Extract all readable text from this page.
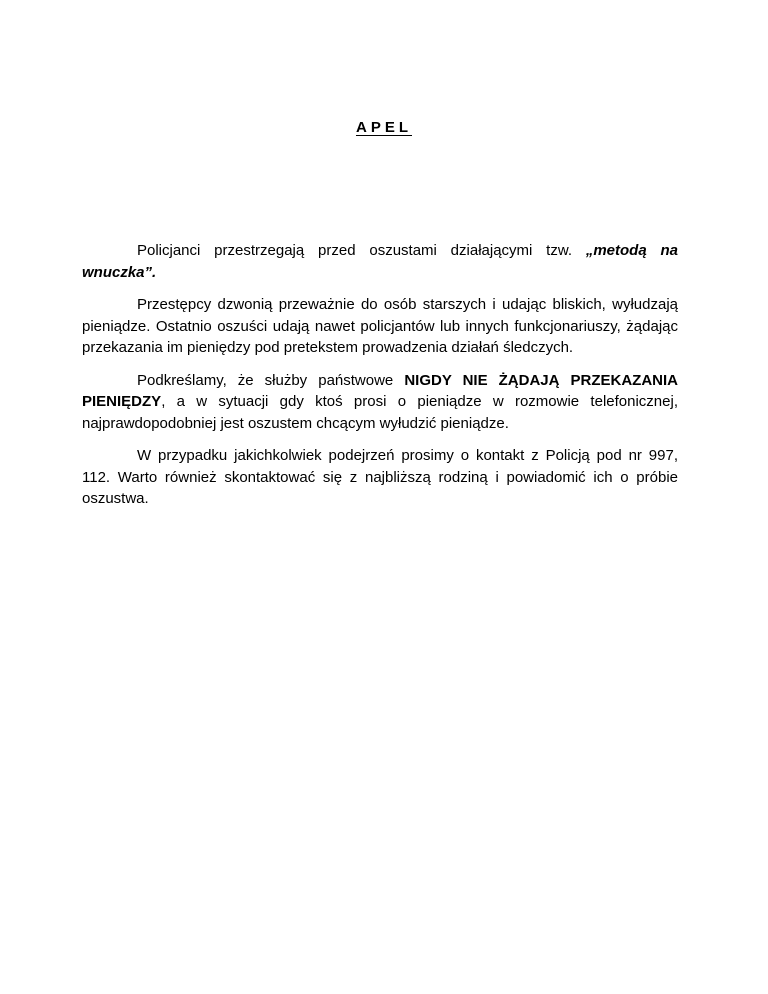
APEL

Policjanci przestrzegają przed oszustami działającymi tzw. „metodą na wnuczka”.

Przestępcy dzwonią przeważnie do osób starszych i udając bliskich, wyłudzają pieniądze. Ostatnio oszuści udają nawet policjantów lub innych funkcjonariuszy, żądając przekazania im pieniędzy pod pretekstem prowadzenia działań śledczych.

Podkreślamy, że służby państwowe NIGDY NIE ŻĄDAJĄ PRZEKAZANIA PIENIĘDZY, a w sytuacji gdy ktoś prosi o pieniądze w rozmowie telefonicznej, najprawdopodobniej jest oszustem chcącym wyłudzić pieniądze.

W przypadku jakichkolwiek podejrzeń prosimy o kontakt z Policją pod nr 997, 112. Warto również skontaktować się z najbliższą rodziną i powiadomić ich o próbie oszustwa.
